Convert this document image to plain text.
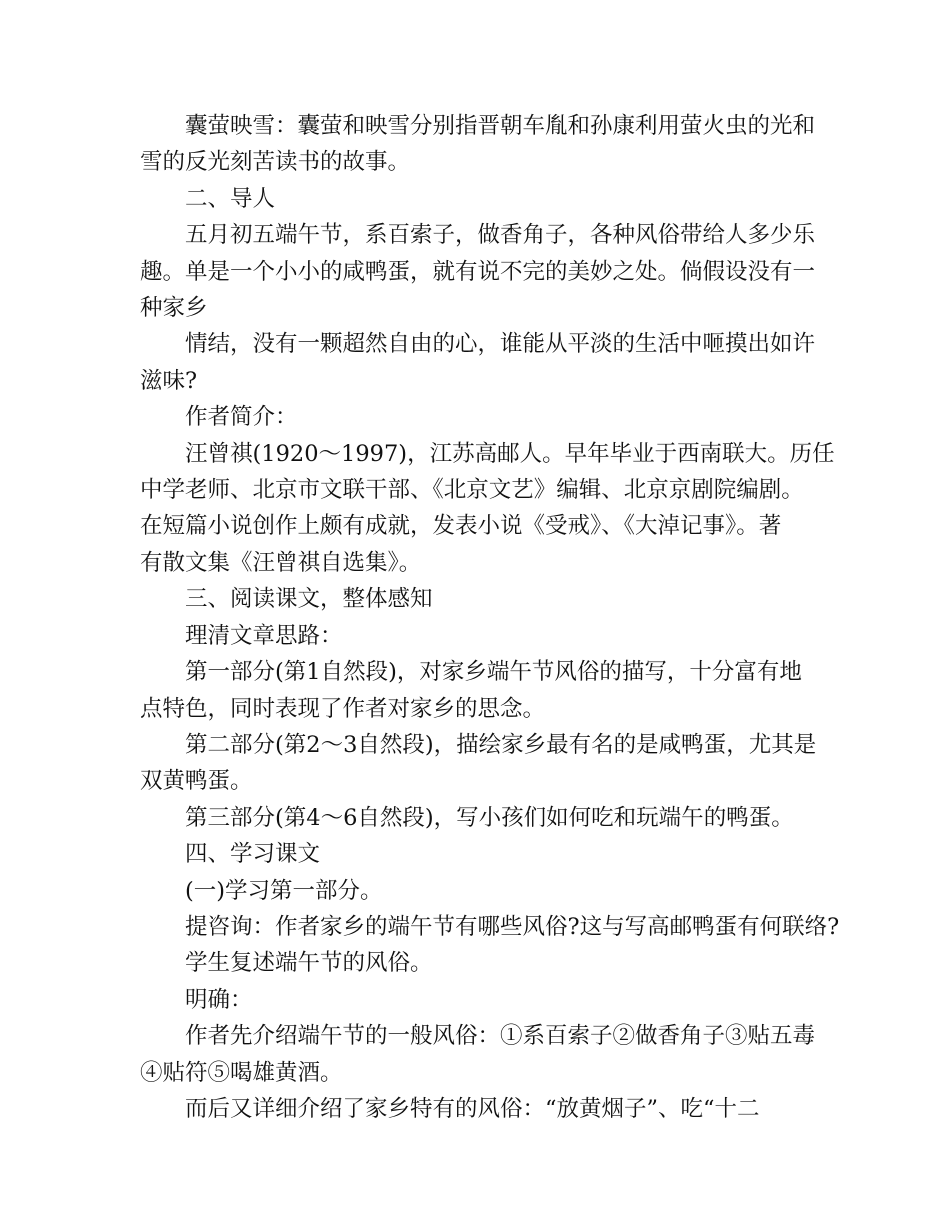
囊萤映雪：囊萤和映雪分别指晋朝车胤和孙康利用萤火虫的光和
雪的反光刻苦读书的故事。
二、导人
五月初五端午节，系百索子，做香角子，各种风俗带给人多少乐
趣。单是一个小小的咸鸭蛋，就有说不完的美妙之处。倘假设没有一
种家乡
情结，没有一颗超然自由的心，谁能从平淡的生活中咂摸出如许
滋味?
作者简介：
汪曾祺(1920～1997)，江苏高邮人。早年毕业于西南联大。历任
中学老师、北京市文联干部、《北京文艺》编辑、北京京剧院编剧。
在短篇小说创作上颇有成就，发表小说《受戒》、《大淖记事》。著
有散文集《汪曾祺自选集》。
三、阅读课文，整体感知
理清文章思路：
第一部分(第1自然段)，对家乡端午节风俗的描写，十分富有地
点特色，同时表现了作者对家乡的思念。
第二部分(第2～3自然段)，描绘家乡最有名的是咸鸭蛋，尤其是
双黄鸭蛋。
第三部分(第4～6自然段)，写小孩们如何吃和玩端午的鸭蛋。
四、学习课文
(一)学习第一部分。
提咨询：作者家乡的端午节有哪些风俗?这与写高邮鸭蛋有何联络?
学生复述端午节的风俗。
明确：
作者先介绍端午节的一般风俗：①系百索子②做香角子③贴五毒
④贴符⑤喝雄黄酒。
而后又详细介绍了家乡特有的风俗：“放黄烟子”、吃“十二
